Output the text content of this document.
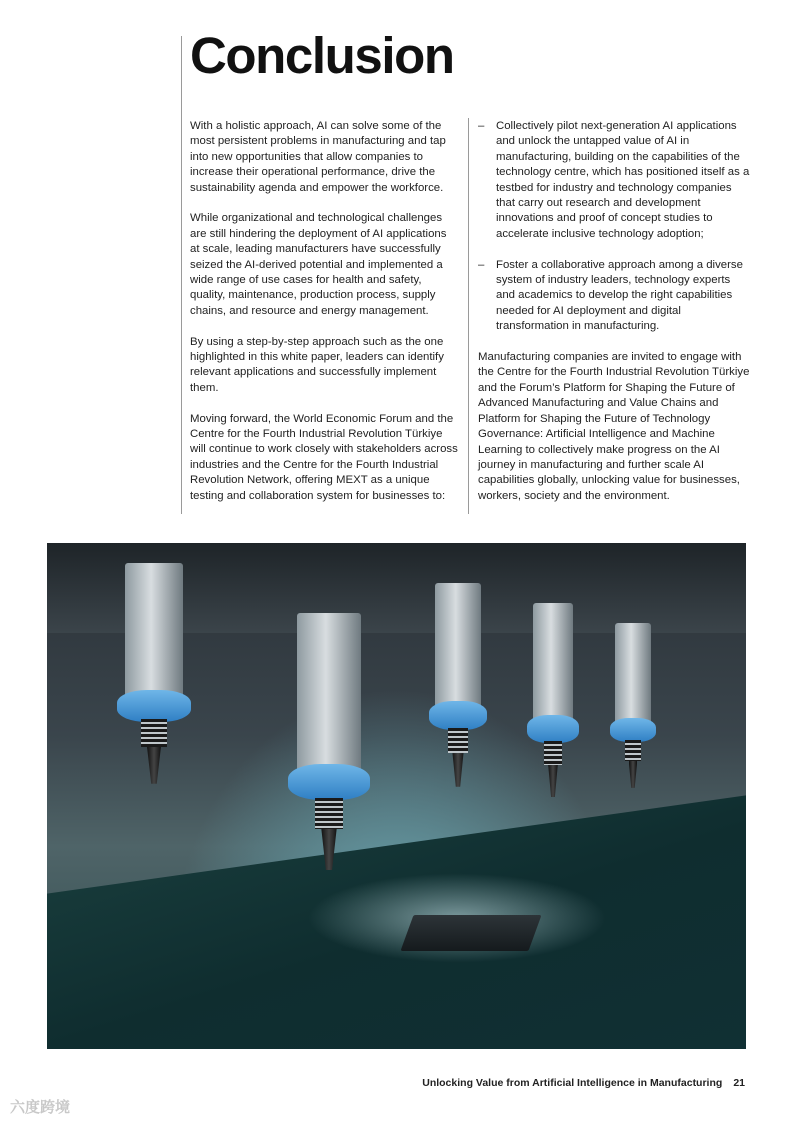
Conclusion

With a holistic approach, AI can solve some of the most persistent problems in manufacturing and tap into new opportunities that allow companies to increase their operational performance, drive the sustainability agenda and empower the workforce.

While organizational and technological challenges are still hindering the deployment of AI applications at scale, leading manufacturers have successfully seized the AI-derived potential and implemented a wide range of use cases for health and safety, quality, maintenance, production process, supply chains, and resource and energy management.

By using a step-by-step approach such as the one highlighted in this white paper, leaders can identify relevant applications and successfully implement them.

Moving forward, the World Economic Forum and the Centre for the Fourth Industrial Revolution Türkiye will continue to work closely with stakeholders across industries and the Centre for the Fourth Industrial Revolution Network, offering MEXT as a unique testing and collaboration system for businesses to:

– Collectively pilot next-generation AI applications and unlock the untapped value of AI in manufacturing, building on the capabilities of the technology centre, which has positioned itself as a testbed for industry and technology companies that carry out research and development innovations and proof of concept studies to accelerate inclusive technology adoption;
– Foster a collaborative approach among a diverse system of industry leaders, technology experts and academics to develop the right capabilities needed for AI deployment and digital transformation in manufacturing.

Manufacturing companies are invited to engage with the Centre for the Fourth Industrial Revolution Türkiye and the Forum’s Platform for Shaping the Future of Advanced Manufacturing and Value Chains and Platform for Shaping the Future of Technology Governance: Artificial Intelligence and Machine Learning to collectively make progress on the AI journey in manufacturing and further scale AI capabilities globally, unlocking value for businesses, workers, society and the environment.

Unlocking Value from Artificial Intelligence in Manufacturing 21
六度跨境
